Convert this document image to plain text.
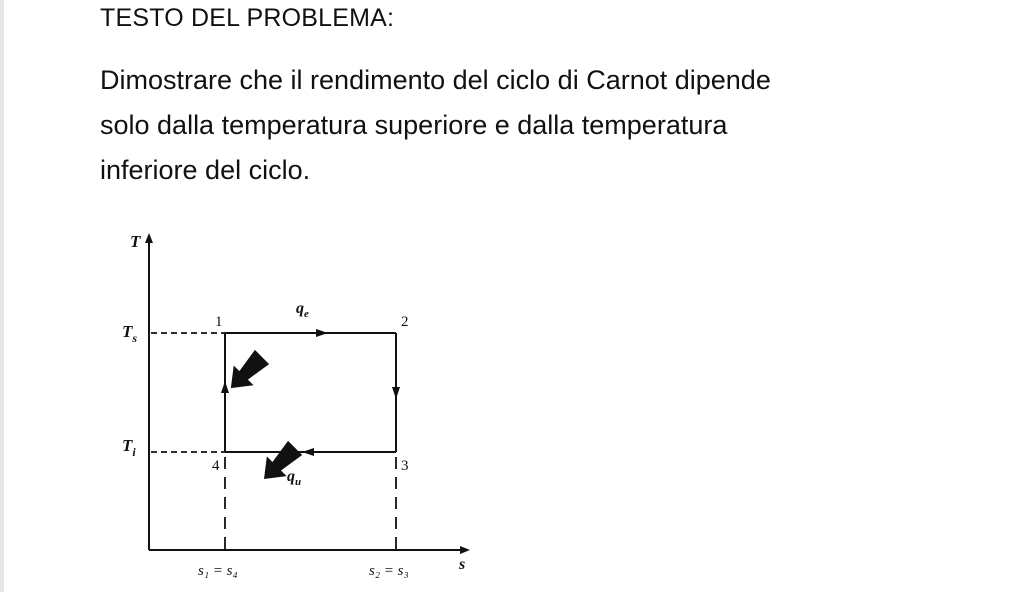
TESTO DEL PROBLEMA:
Dimostrare che il rendimento del ciclo di Carnot dipende
solo dalla temperatura superiore e dalla temperatura
inferiore del ciclo.
T
s
$T_s$
$T_i$
1	2
3
4
$q_e$
$q_u$
s₁ = s₄	s₂ = s₃
